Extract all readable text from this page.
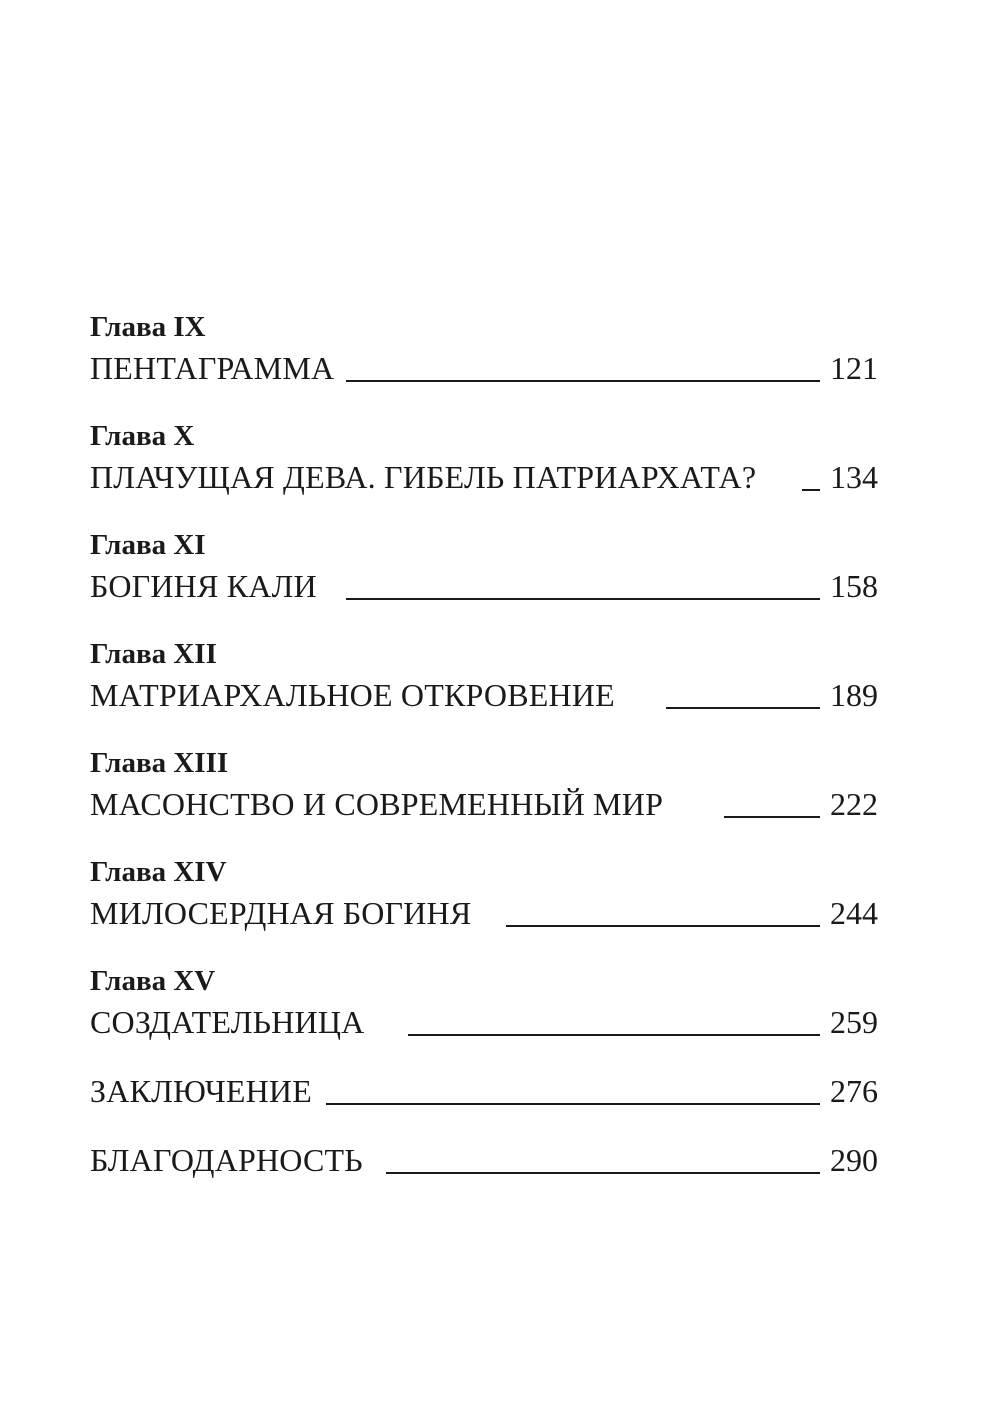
Глава IX
ПЕНТАГРАММА	121
Глава X
ПЛАЧУЩАЯ ДЕВА. ГИБЕЛЬ ПАТРИАРХАТА? 134
Глава XI
БОГИНЯ КАЛИ	158
Глава XII
МАТРИАРХАЛЬНОЕ ОТКРОВЕНИЕ	189
Глава XIII
МАСОНСТВО И СОВРЕМЕННЫЙ МИР	222
Глава XIV
МИЛОСЕРДНАЯ БОГИНЯ	244
Глава XV
СОЗДАТЕЛЬНИЦА	259
ЗАКЛЮЧЕНИЕ	276
БЛАГОДАРНОСТЬ	290
